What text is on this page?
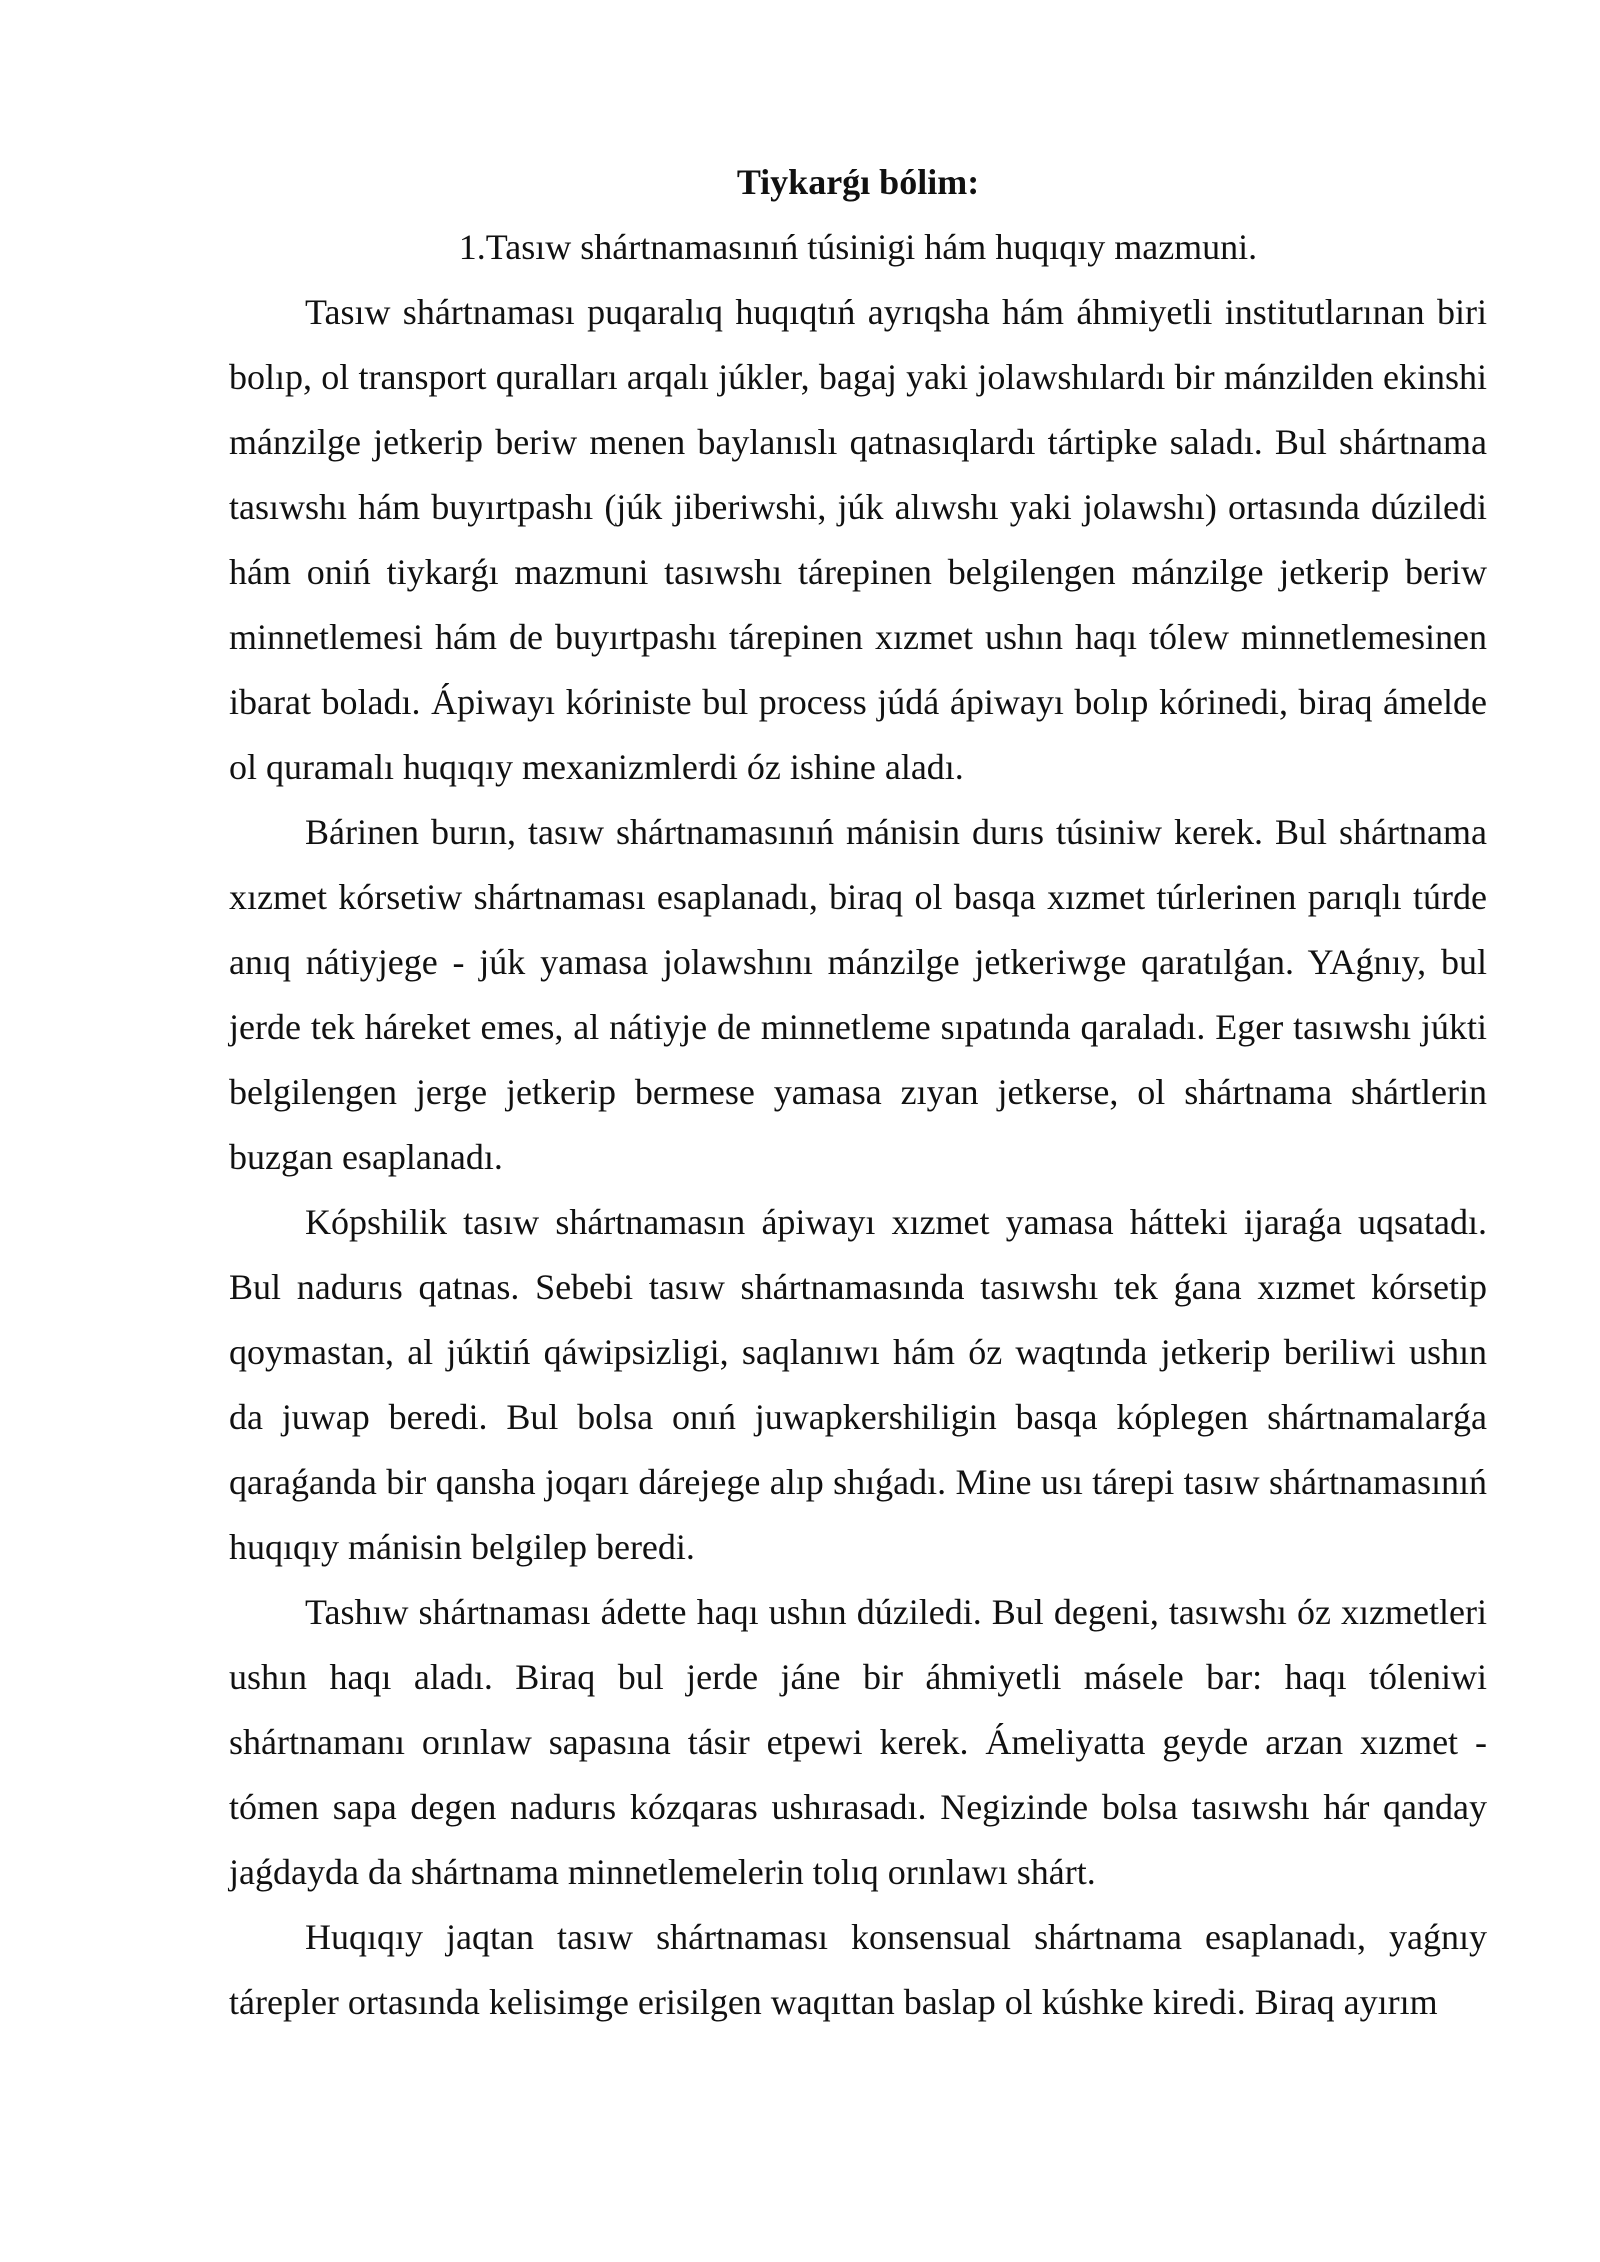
Tiykarǵı bólim:

1.Tasıw shártnamasınıń túsinigi hám huqıqıy mazmuni.

Tasıw shártnaması puqaralıq huqıqtıń ayrıqsha hám áhmiyetli institutlarınan biri bolıp, ol transport quralları arqalı júkler, bagaj yaki jolawshılardı bir mánzilden ekinshi mánzilge jetkerip beriw menen baylanıslı qatnasıqlardı tártipke saladı. Bul shártnama tasıwshı hám buyırtpashı (júk jiberiwshi, júk alıwshı yaki jolawshı) ortasında dúziledi hám oniń tiykarǵı mazmuni tasıwshı tárepinen belgilengen mánzilge jetkerip beriw minnetlemesi hám de buyırtpashı tárepinen xızmet ushın haqı tólew minnetlemesinen ibarat boladı. Ápiwayı kóriniste bul process júdá ápiwayı bolıp kórinedi, biraq ámelde ol quramalı huqıqıy mexanizmlerdi óz ishine aladı.

Bárinen burın, tasıw shártnamasınıń mánisin durıs túsiniw kerek. Bul shártnama xızmet kórsetiw shártnaması esaplanadı, biraq ol basqa xızmet túrlerinen parıqlı túrde anıq nátiyjege - júk yamasa jolawshını mánzilge jetkeriwge qaratılǵan. YAǵnıy, bul jerde tek háreket emes, al nátiyje de minnetleme sıpatında qaraladı. Eger tasıwshı júkti belgilengen jerge jetkerip bermese yamasa zıyan jetkerse, ol shártnama shártlerin buzgan esaplanadı.

Kópshilik tasıw shártnamasın ápiwayı xızmet yamasa hátteki ijaraǵa uqsatadı. Bul nadurıs qatnas. Sebebi tasıw shártnamasında tasıwshı tek ǵana xızmet kórsetip qoymastan, al júktiń qáwipsizligi, saqlanıwı hám óz waqtında jetkerip beriliwi ushın da juwap beredi. Bul bolsa onıń juwapkershiligin basqa kóplegen shártnamalarǵa qaraǵanda bir qansha joqarı dárejege alıp shıǵadı. Mine usı tárepi tasıw shártnamasınıń huqıqıy mánisin belgilep beredi.

Tashıw shártnaması ádette haqı ushın dúziledi. Bul degeni, tasıwshı óz xızmetleri ushın haqı aladı. Biraq bul jerde jáne bir áhmiyetli másele bar: haqı tóleniwi shártnamanı orınlaw sapasına tásir etpewi kerek. Ámeliyatta geyde arzan xızmet - tómen sapa degen nadurıs kózqaras ushırasadı. Negizinde bolsa tasıwshı hár qanday jaǵdayda da shártnama minnetlemelerin tolıq orınlawı shárt.

Huqıqıy jaqtan tasıw shártnaması konsensual shártnama esaplanadı, yaǵnıy tárepler ortasında kelisimge erisilgen waqıttan baslap ol kúshke kiredi. Biraq ayırım
